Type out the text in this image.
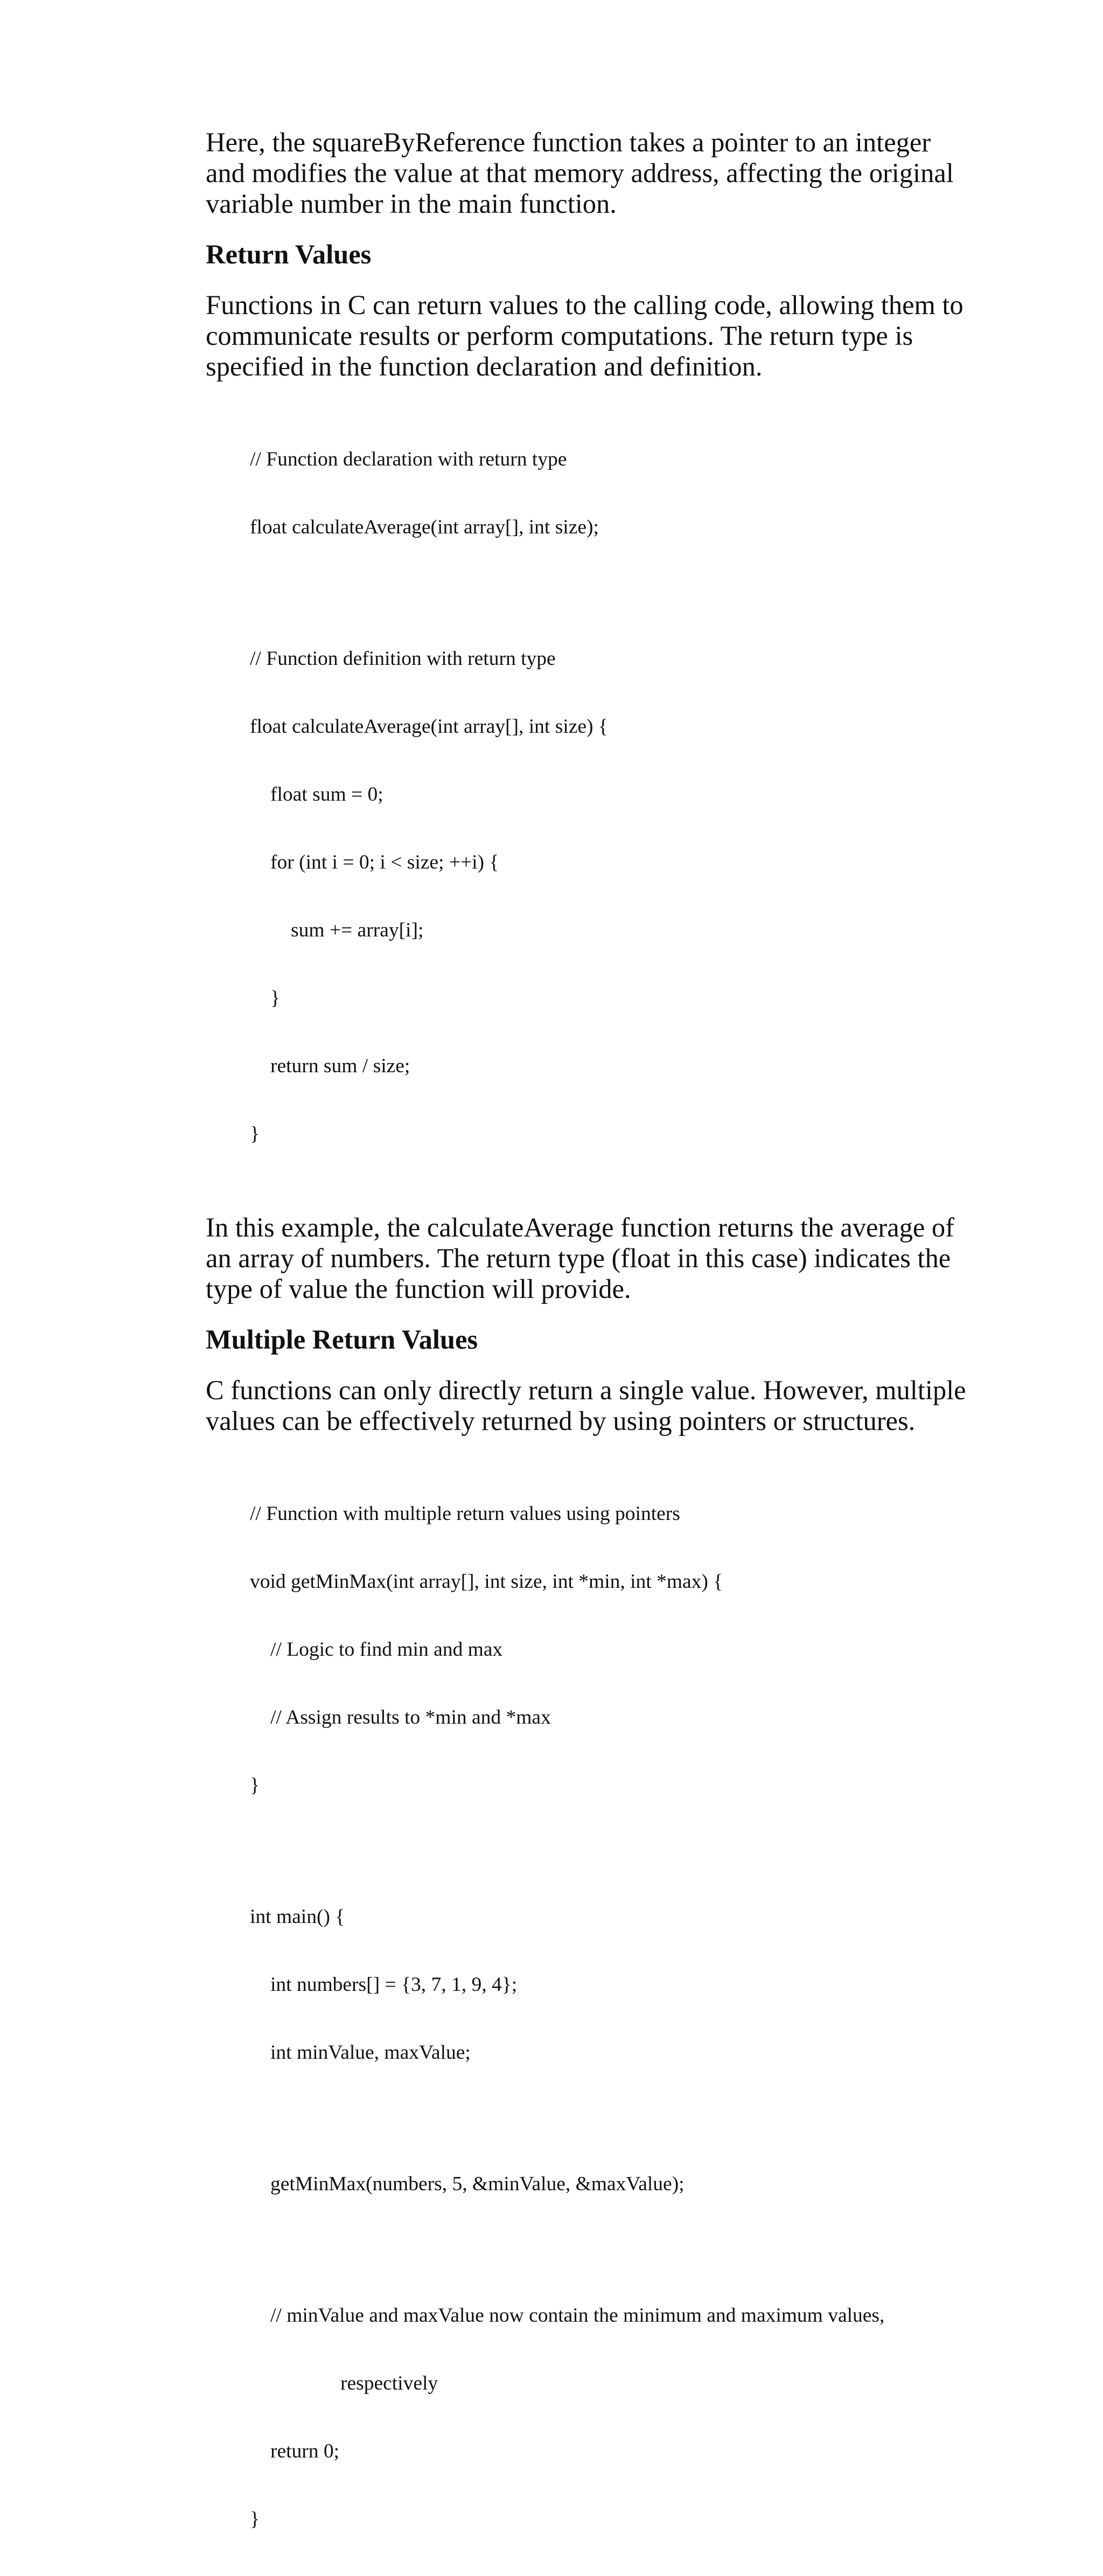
Here, the squareByReference function takes a pointer to an integer
and modifies the value at that memory address, affecting the original
variable number in the main function.

Return Values

Functions in C can return values to the calling code, allowing them to
communicate results or perform computations. The return type is
specified in the function declaration and definition.

// Function declaration with return type

float calculateAverage(int array[], int size);

// Function definition with return type

float calculateAverage(int array[], int size) {

float sum = 0;

for (int i = 0; i < size; ++i) {

sum += array[i];

}

return sum / size;

}

In this example, the calculateAverage function returns the average of
an array of numbers. The return type (float in this case) indicates the
type of value the function will provide.

Multiple Return Values

C functions can only directly return a single value. However, multiple
values can be effectively returned by using pointers or structures.

// Function with multiple return values using pointers

void getMinMax(int array[], int size, int *min, int *max) {

// Logic to find min and max

// Assign results to *min and *max

}

int main() {

int numbers[] = {3, 7, 1, 9, 4};

int minValue, maxValue;

getMinMax(numbers, 5, &minValue, &maxValue);

// minValue and maxValue now contain the minimum and maximum values,

respectively

return 0;

}
